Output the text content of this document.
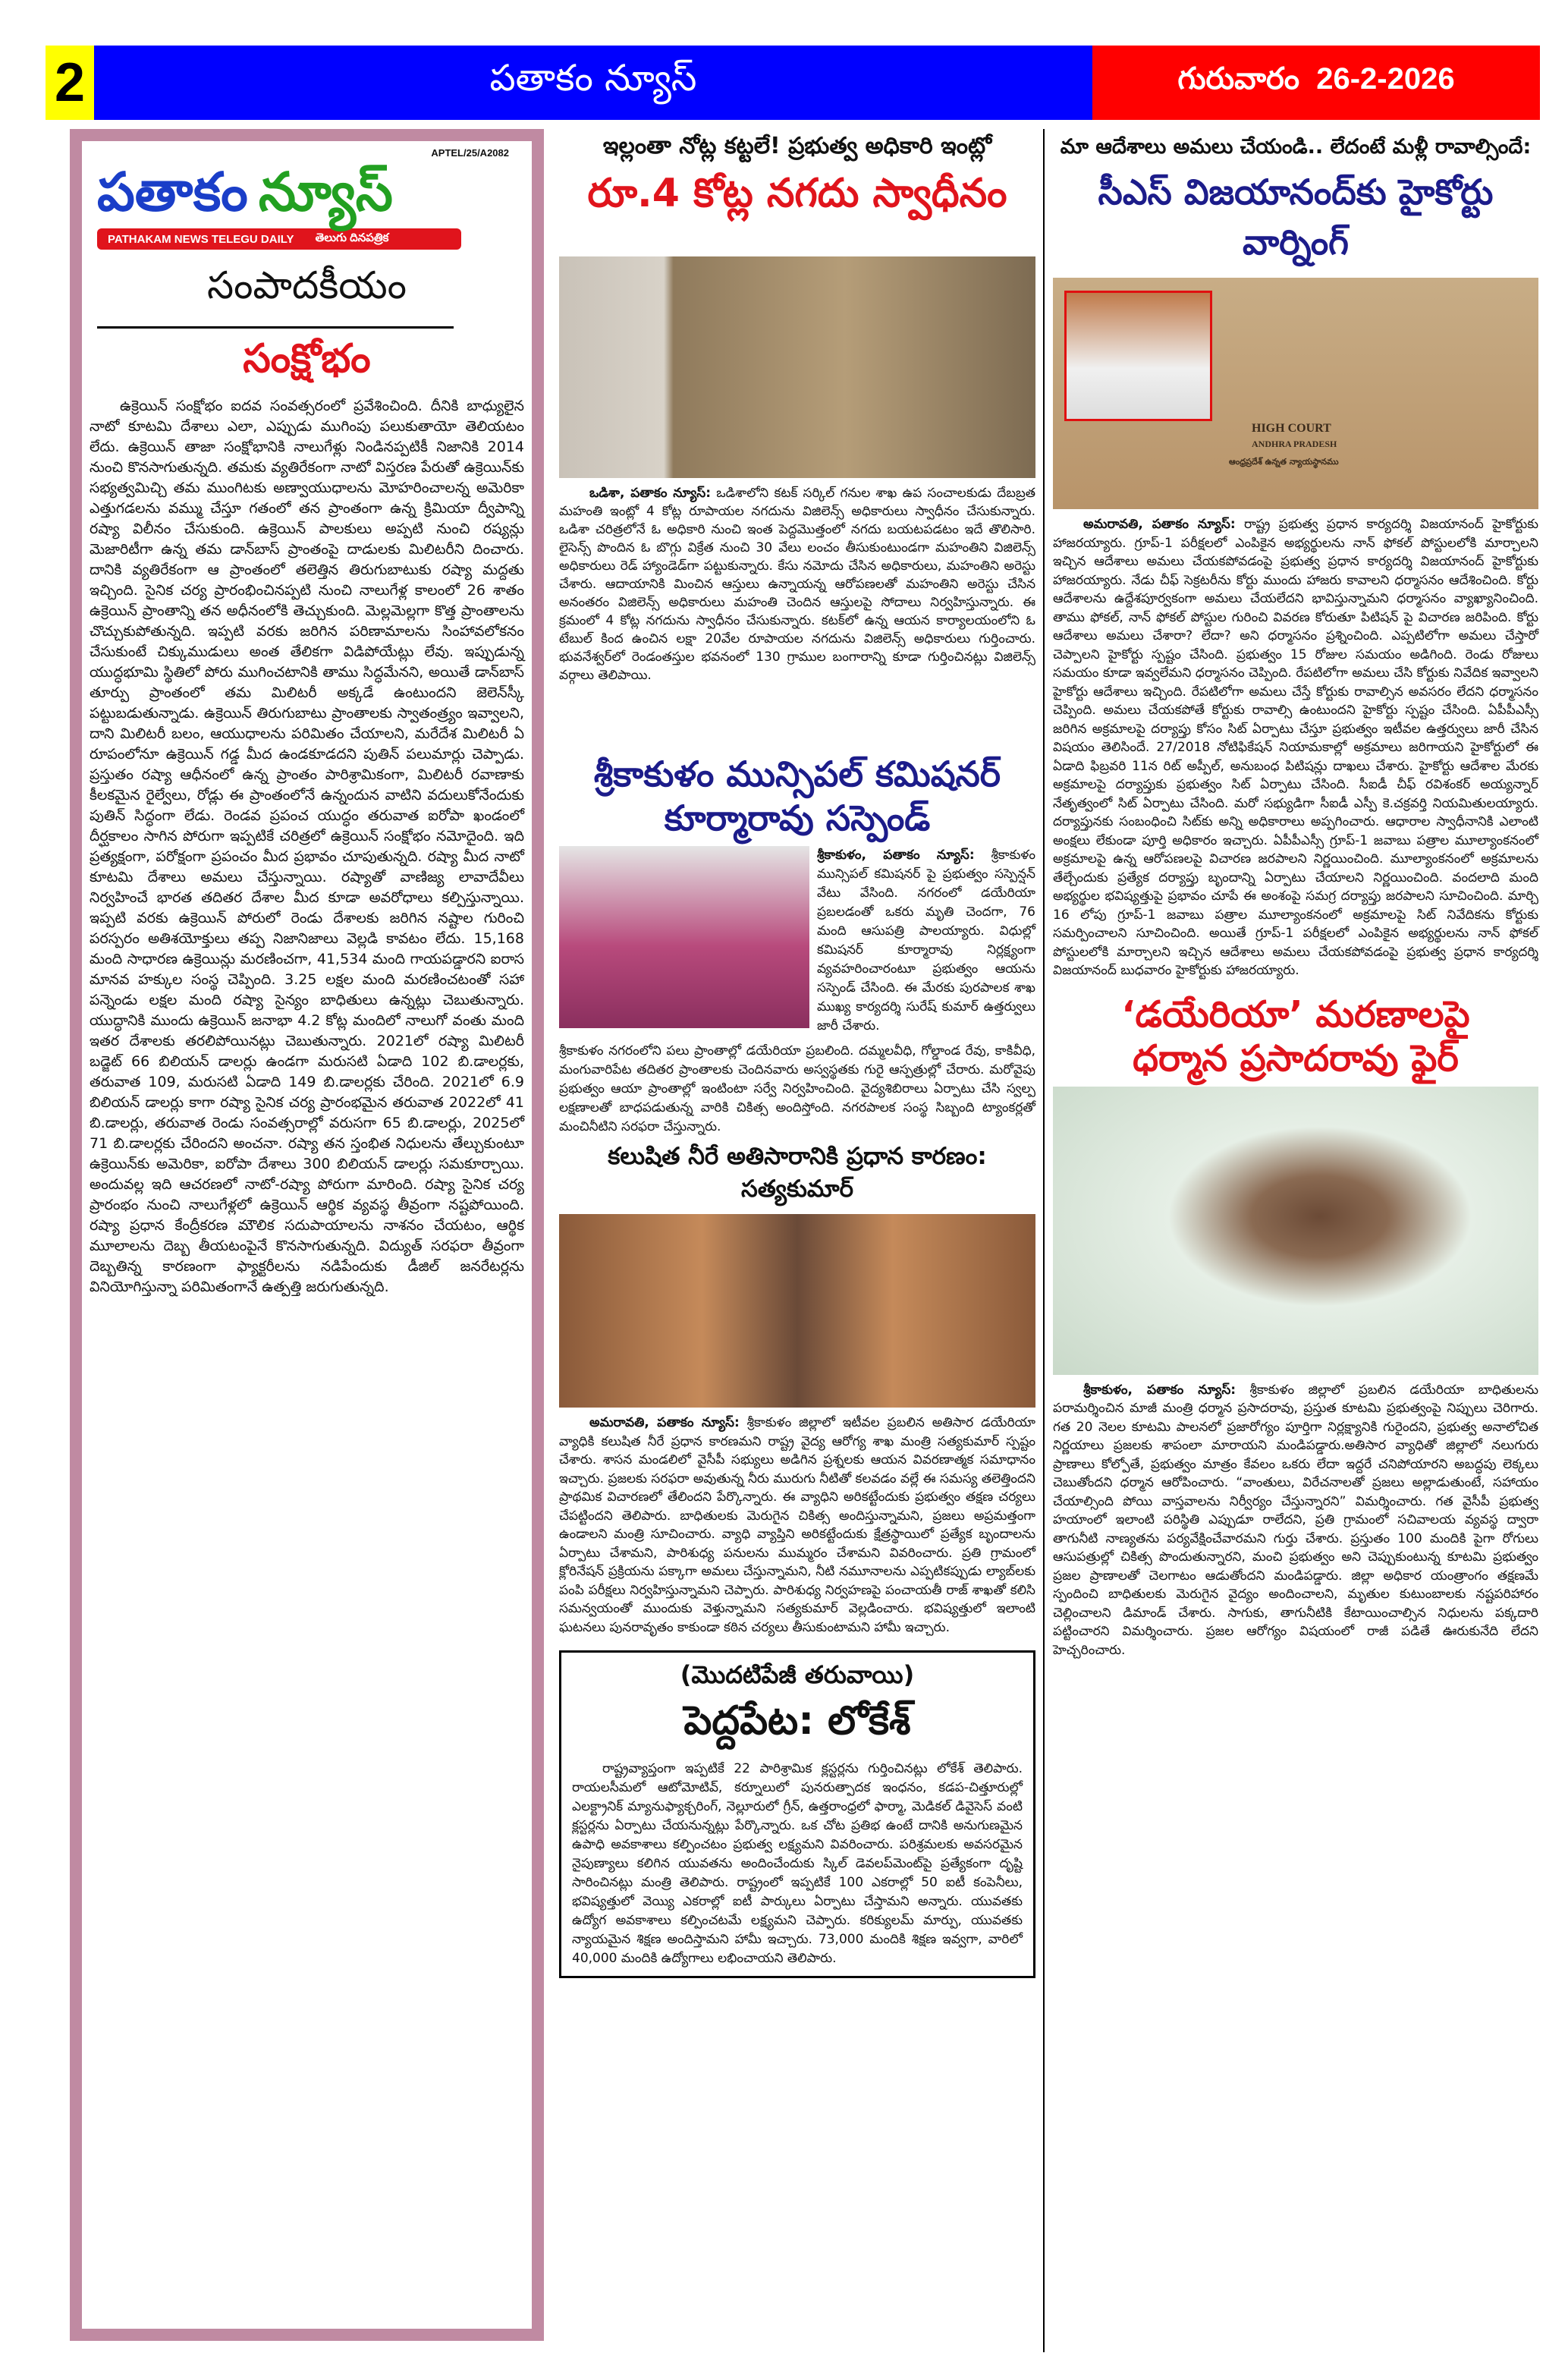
2	పతాకం న్యూస్	గురువారం  26-2-2026
APTEL/25/A2082
పతాకం న్యూస్
PATHAKAM NEWS TELEGU DAILY	తెలుగు దినపత్రిక
సంపాదకీయం
సంక్షోభం

ఉక్రెయిన్ సంక్షోభం ఐదవ సంవత్సరంలో ప్రవేశించింది. దీనికి బాధ్యులైన నాటో కూటమి దేశాలు ఎలా, ఎప్పుడు ముగింపు పలుకుతాయో తెలియటం లేదు. ఉక్రెయిన్ తాజా సంక్షోభానికి నాలుగేళ్లు నిండినప్పటికీ నిజానికి 2014 నుంచి కొనసాగుతున్నది. తమకు వ్యతిరేకంగా నాటో విస్తరణ పేరుతో ఉక్రెయిన్‌కు సభ్యత్వమిచ్చి తమ ముంగిటకు అణ్వాయుధాలను మోహరించాలన్న అమెరికా ఎత్తుగడలను వమ్ము చేస్తూ గతంలో తన ప్రాంతంగా ఉన్న క్రిమియా ద్వీపాన్ని రష్యా విలీనం చేసుకుంది. ఉక్రెయిన్ పాలకులు అప్పటి నుంచి రష్యన్లు మెజారిటీగా ఉన్న తమ డాన్‌బాస్ ప్రాంతంపై దాడులకు మిలిటరీని దించారు. దానికి వ్యతిరేకంగా ఆ ప్రాంతంలో తలెత్తిన తిరుగుబాటుకు రష్యా మద్దతు ఇచ్చింది. సైనిక చర్య ప్రారంభించినప్పటి నుంచి నాలుగేళ్ల కాలంలో 26 శాతం ఉక్రెయిన్ ప్రాంతాన్ని తన అధీనంలోకి తెచ్చుకుంది. మెల్లమెల్లగా కొత్త ప్రాంతాలను చొచ్చుకుపోతున్నది. ఇప్పటి వరకు జరిగిన పరిణామాలను సింహావలోకనం చేసుకుంటే చిక్కుముడులు అంత తేలికగా విడిపోయేట్లు లేవు. ఇప్పుడున్న యుద్ధభూమి స్థితిలో పోరు ముగించటానికి తాము సిద్ధమేనని, అయితే డాన్‌బాస్ తూర్పు ప్రాంతంలో తమ మిలిటరీ అక్కడే ఉంటుందని జెలెన్‌స్కీ పట్టుబడుతున్నాడు. ఉక్రెయిన్ తిరుగుబాటు ప్రాంతాలకు స్వాతంత్ర్యం ఇవ్వాలని, దాని మిలిటరీ బలం, ఆయుధాలను పరిమితం చేయాలని, మరేదేశ మిలిటరీ ఏ రూపంలోనూ ఉక్రెయిన్ గడ్డ మీద ఉండకూడదని పుతిన్ పలుమార్లు చెప్పాడు. ప్రస్తుతం రష్యా ఆధీనంలో ఉన్న ప్రాంతం పారిశ్రామికంగా, మిలిటరీ రవాణాకు కీలకమైన రైల్వేలు, రోడ్లు ఈ ప్రాంతంలోనే ఉన్నందున వాటిని వదులుకోనేందుకు పుతిన్ సిద్ధంగా లేడు. రెండవ ప్రపంచ యుద్ధం తరువాత ఐరోపా ఖండంలో దీర్ఘకాలం సాగిన పోరుగా ఇప్పటికే చరిత్రలో ఉక్రెయిన్ సంక్షోభం నమోదైంది. ఇది ప్రత్యక్షంగా, పరోక్షంగా ప్రపంచం మీద ప్రభావం చూపుతున్నది. రష్యా మీద నాటో కూటమి దేశాలు అమలు చేస్తున్నాయి. రష్యాతో వాణిజ్య లావాదేవీలు నిర్వహించే భారత తదితర దేశాల మీద కూడా అవరోధాలు కల్పిస్తున్నాయి. ఇప్పటి వరకు ఉక్రెయిన్ పోరులో రెండు దేశాలకు జరిగిన నష్టాల గురించి పరస్పరం అతిశయోక్తులు తప్ప నిజానిజాలు వెల్లడి కావటం లేదు. 15,168 మంది సాధారణ ఉక్రెయిన్లు మరణించగా, 41,534 మంది గాయపడ్డారని ఐరాస మానవ హక్కుల సంస్థ చెప్పింది. 3.25 లక్షల మంది మరణించటంతో సహా పన్నెండు లక్షల మంది రష్యా సైన్యం బాధితులు ఉన్నట్లు చెబుతున్నారు. యుద్ధానికి ముందు ఉక్రెయిన్ జనాభా 4.2 కోట్ల మందిలో నాలుగో వంతు మంది ఇతర దేశాలకు తరలిపోయినట్లు చెబుతున్నారు. 2021లో రష్యా మిలిటరీ బడ్జెట్ 66 బిలియన్ డాలర్లు ఉండగా మరుసటి ఏడాది 102 బి.డాలర్లకు, తరువాత 109, మరుసటి ఏడాది 149 బి.డాలర్లకు చేరింది. 2021లో 6.9 బిలియన్ డాలర్లు కాగా రష్యా సైనిక చర్య ప్రారంభమైన తరువాత 2022లో 41 బి.డాలర్లు, తరువాత రెండు సంవత్సరాల్లో వరుసగా 65 బి.డాలర్లు, 2025లో 71 బి.డాలర్లకు చేరిందని అంచనా. రష్యా తన స్తంభిత నిధులను తేల్చుకుంటూ ఉక్రెయిన్‌కు అమెరికా, ఐరోపా దేశాలు 300 బిలియన్ డాలర్లు సమకూర్చాయి. అందువల్ల ఇది ఆచరణలో నాటో-రష్యా పోరుగా మారింది. రష్యా సైనిక చర్య ప్రారంభం నుంచి నాలుగేళ్లలో ఉక్రెయిన్ ఆర్థిక వ్యవస్థ తీవ్రంగా నష్టపోయింది. రష్యా ప్రధాన కేంద్రీకరణ మౌలిక సదుపాయాలను నాశనం చేయటం, ఆర్థిక మూలాలను దెబ్బ తీయటంపైనే కొనసాగుతున్నది. విద్యుత్ సరఫరా తీవ్రంగా దెబ్బతిన్న కారణంగా ఫ్యాక్టరీలను నడిపేందుకు డీజిల్ జనరేటర్లను వినియోగిస్తున్నా పరిమితంగానే ఉత్పత్తి జరుగుతున్నది.

ఇల్లంతా నోట్ల కట్టలే! ప్రభుత్వ అధికారి ఇంట్లో
రూ.4 కోట్ల నగదు స్వాధీనం

ఒడిశా, పతాకం న్యూస్: ఒడిశాలోని కటక్ సర్కిల్ గనుల శాఖ ఉప సంచాలకుడు దేబబ్రత మహంతి ఇంట్లో 4 కోట్ల రూపాయల నగదును విజిలెన్స్ అధికారులు స్వాధీనం చేసుకున్నారు. ఒడిశా చరిత్రలోనే ఓ అధికారి నుంచి ఇంత పెద్దమొత్తంలో నగదు బయటపడటం ఇదే తొలిసారి. లైసెన్స్ పొందిన ఓ బొగ్గు విక్రేత నుంచి 30 వేలు లంచం తీసుకుంటుండగా మహంతిని విజిలెన్స్ అధికారులు రెడ్ హ్యాండెడ్‌గా పట్టుకున్నారు. కేసు నమోదు చేసిన అధికారులు, మహంతిని అరెస్టు చేశారు. ఆదాయానికి మించిన ఆస్తులు ఉన్నాయన్న ఆరోపణలతో మహంతిని అరెస్టు చేసిన అనంతరం విజిలెన్స్ అధికారులు మహంతి చెందిన ఆస్తులపై సోదాలు నిర్వహిస్తున్నారు. ఈ క్రమంలో 4 కోట్ల నగదును స్వాధీనం చేసుకున్నారు. కటక్‌లో ఉన్న ఆయన కార్యాలయంలోని ఓ టేబుల్ కింద ఉంచిన లక్షా 20వేల రూపాయల నగదును విజిలెన్స్ అధికారులు గుర్తించారు. భువనేశ్వర్‌లో రెండంతస్తుల భవనంలో 130 గ్రాముల బంగారాన్ని కూడా గుర్తించినట్లు విజిలెన్స్ వర్గాలు తెలిపాయి.

శ్రీకాకుళం మున్సిపల్ కమిషనర్
కూర్మారావు సస్పెండ్

శ్రీకాకుళం, పతాకం న్యూస్: శ్రీకాకుళం మున్సిపల్ కమిషనర్ పై ప్రభుత్వం సస్పెన్షన్ వేటు వేసింది. నగరంలో డయేరియా ప్రబలడంతో ఒకరు మృతి చెందగా, 76 మంది ఆసుపత్రి పాలయ్యారు. విధుల్లో కమిషనర్ కూర్మారావు నిర్లక్ష్యంగా వ్యవహరించారంటూ ప్రభుత్వం ఆయను సస్పెండ్ చేసింది. ఈ మేరకు పురపాలక శాఖ ముఖ్య కార్యదర్శి సురేష్ కుమార్ ఉత్తర్వులు జారీ చేశారు.

శ్రీకాకుళం నగరంలోని పలు ప్రాంతాల్లో డయేరియా ప్రబలింది. దమ్మలవీధి, గోల్డాండ రేవు, కాకివీధి, మంగువారిపేట తదితర ప్రాంతాలకు చెందినవారు అస్వస్థతకు గురై ఆస్పత్రుల్లో చేరారు. మరోవైపు ప్రభుత్వం ఆయా ప్రాంతాల్లో ఇంటింటా సర్వే నిర్వహించింది. వైద్యశిబిరాలు ఏర్పాటు చేసి స్వల్ప లక్షణాలతో బాధపడుతున్న వారికి చికిత్స అందిస్తోంది. నగరపాలక సంస్థ సిబ్బంది ట్యాంకర్లతో మంచినీటిని సరఫరా చేస్తున్నారు.

కలుషిత నీరే అతిసారానికి ప్రధాన కారణం: సత్యకుమార్

అమరావతి, పతాకం న్యూస్: శ్రీకాకుళం జిల్లాలో ఇటీవల ప్రబలిన అతిసార డయేరియా వ్యాధికి కలుషిత నీరే ప్రధాన కారణమని రాష్ట్ర వైద్య ఆరోగ్య శాఖ మంత్రి సత్యకుమార్ స్పష్టం చేశారు. శాసన మండలిలో వైసీపీ సభ్యులు అడిగిన ప్రశ్నలకు ఆయన వివరణాత్మక సమాధానం ఇచ్చారు. ప్రజలకు సరఫరా అవుతున్న నీరు మురుగు నీటితో కలవడం వల్లే ఈ సమస్య తలెత్తిందని ప్రాథమిక విచారణలో తేలిందని పేర్కొన్నారు. ఈ వ్యాధిని అరికట్టేందుకు ప్రభుత్వం తక్షణ చర్యలు చేపట్టిందని తెలిపారు. బాధితులకు మెరుగైన చికిత్స అందిస్తున్నామని, ప్రజలు అప్రమత్తంగా ఉండాలని మంత్రి సూచించారు. వ్యాధి వ్యాప్తిని అరికట్టేందుకు క్షేత్రస్థాయిలో ప్రత్యేక బృందాలను ఏర్పాటు చేశామని, పారిశుధ్య పనులను ముమ్మరం చేశామని వివరించారు. ప్రతి గ్రామంలో క్లోరినేషన్ ప్రక్రియను పక్కాగా అమలు చేస్తున్నామని, నీటి నమూనాలను ఎప్పటికప్పుడు ల్యాబ్‌లకు పంపి పరీక్షలు నిర్వహిస్తున్నామని చెప్పారు. పారిశుధ్య నిర్వహణపై పంచాయతీ రాజ్ శాఖతో కలిసి సమన్వయంతో ముందుకు వెళ్తున్నామని సత్యకుమార్ వెల్లడించారు. భవిష్యత్తులో ఇలాంటి ఘటనలు పునరావృతం కాకుండా కఠిన చర్యలు తీసుకుంటామని హామీ ఇచ్చారు.

(మొదటిపేజీ తరువాయి)
పెద్దపేట: లోకేశ్

రాష్ట్రవ్యాప్తంగా ఇప్పటికే 22 పారిశ్రామిక క్లస్టర్లను గుర్తించినట్లు లోకేశ్ తెలిపారు. రాయలసీమలో ఆటోమోటివ్, కర్నూలులో పునరుత్పాదక ఇంధనం, కడప-చిత్తూరుల్లో ఎలక్ట్రానిక్ మ్యానుఫ్యాక్చరింగ్, నెల్లూరులో గ్రీన్, ఉత్తరాంధ్రలో ఫార్మా, మెడికల్ డివైసెస్ వంటి క్లస్టర్లను ఏర్పాటు చేయనున్నట్లు పేర్కొన్నారు. ఒక చోట ప్రతిభ ఉంటే దానికి అనుగుణమైన ఉపాధి అవకాశాలు కల్పించటం ప్రభుత్వ లక్ష్యమని వివరించారు. పరిశ్రమలకు అవసరమైన నైపుణ్యాలు కలిగిన యువతను అందించేందుకు స్కిల్ డెవలప్‌మెంట్‌పై ప్రత్యేకంగా దృష్టి సారించినట్లు మంత్రి తెలిపారు. రాష్ట్రంలో ఇప్పటికే 100 ఎకరాల్లో 50 ఐటీ కంపెనీలు, భవిష్యత్తులో వెయ్యి ఎకరాల్లో ఐటీ పార్కులు ఏర్పాటు చేస్తామని అన్నారు. యువతకు ఉద్యోగ అవకాశాలు కల్పించటమే లక్ష్యమని చెప్పారు. కరిక్యులమ్ మార్పు, యువతకు న్యాయమైన శిక్షణ అందిస్తామని హామీ ఇచ్చారు. 73,000 మందికి శిక్షణ ఇవ్వగా, వారిలో 40,000 మందికి ఉద్యోగాలు లభించాయని తెలిపారు.

మా ఆదేశాలు అమలు చేయండి.. లేదంటే మళ్లీ రావాల్సిందే:
సీఎస్ విజయానంద్‌కు హైకోర్టు వార్నింగ్
HIGH COURT
ANDHRA PRADESH
ఆంధ్రప్రదేశ్ ఉన్నత న్యాయస్థానము

అమరావతి, పతాకం న్యూస్: రాష్ట్ర ప్రభుత్వ ప్రధాన కార్యదర్శి విజయానంద్ హైకోర్టుకు హాజరయ్యారు. గ్రూప్-1 పరీక్షలలో ఎంపికైన అభ్యర్థులను నాన్ ఫోకల్ పోస్టులలోకి మార్చాలని ఇచ్చిన ఆదేశాలు అమలు చేయకపోవడంపై ప్రభుత్వ ప్రధాన కార్యదర్శి విజయానంద్ హైకోర్టుకు హాజరయ్యారు. నేడు చీఫ్ సెక్రటరీను కోర్టు ముందు హాజరు కావాలని ధర్మాసనం ఆదేశించింది. కోర్టు ఆదేశాలను ఉద్దేశపూర్వకంగా అమలు చేయలేదని భావిస్తున్నామని ధర్మాసనం వ్యాఖ్యానించింది. తాము ఫోకల్, నాన్ ఫోకల్ పోస్టుల గురించి వివరణ కోరుతూ పిటిషన్ పై విచారణ జరిపింది. కోర్టు ఆదేశాలు అమలు చేశారా? లేదా? అని ధర్మాసనం ప్రశ్నించింది. ఎప్పటిలోగా అమలు చేస్తారో చెప్పాలని హైకోర్టు స్పష్టం చేసింది. ప్రభుత్వం 15 రోజుల సమయం అడిగింది. రెండు రోజులు సమయం కూడా ఇవ్వలేమని ధర్మాసనం చెప్పింది. రేపటిలోగా అమలు చేసి కోర్టుకు నివేదిక ఇవ్వాలని హైకోర్టు ఆదేశాలు ఇచ్చింది. రేపటిలోగా అమలు చేస్తే కోర్టుకు రావాల్సిన అవసరం లేదని ధర్మాసనం చెప్పింది. అమలు చేయకపోతే కోర్టుకు రావాల్సి ఉంటుందని హైకోర్టు స్పష్టం చేసింది. ఏపీపీఎస్సీ జరిగిన అక్రమాలపై దర్యాప్తు కోసం సిట్ ఏర్పాటు చేస్తూ ప్రభుత్వం ఇటీవల ఉత్తర్వులు జారీ చేసిన విషయం తెలిసిందే. 27/2018 నోటిఫికేషన్ నియామకాల్లో అక్రమాలు జరిగాయని హైకోర్టులో ఈ ఏడాది ఫిబ్రవరి 11న రిట్ అప్పీల్, అనుబంధ పిటిషన్లు దాఖలు చేశారు. హైకోర్టు ఆదేశాల మేరకు అక్రమాలపై దర్యాప్తుకు ప్రభుత్వం సిట్ ఏర్పాటు చేసింది. సీఐడీ చీఫ్ రవిశంకర్ అయ్యన్నార్ నేతృత్వంలో సిట్ ఏర్పాటు చేసింది. మరో సభ్యుడిగా సీఐడీ ఎస్పీ కె.చక్రవర్తి నియమితులయ్యారు. దర్యాప్తునకు సంబంధించి సిట్‌కు అన్ని అధికారాలు అప్పగించారు. ఆధారాల స్వాధీనానికి ఎలాంటి అంక్షలు లేకుండా పూర్తి అధికారం ఇచ్చారు. ఏపీపీఎస్సీ గ్రూప్-1 జవాబు పత్రాల మూల్యాంకనంలో అక్రమాలపై ఉన్న ఆరోపణలపై విచారణ జరపాలని నిర్ణయించింది. మూల్యాంకనంలో అక్రమాలను తేల్చేందుకు ప్రత్యేక దర్యాప్తు బృందాన్ని ఏర్పాటు చేయాలని నిర్ణయించింది. వందలాది మంది అభ్యర్థుల భవిష్యత్తుపై ప్రభావం చూపే ఈ అంశంపై సమగ్ర దర్యాప్తు జరపాలని సూచించింది. మార్చి 16 లోపు గ్రూప్-1 జవాబు పత్రాల మూల్యాంకనంలో అక్రమాలపై సిట్ నివేదికను కోర్టుకు సమర్పించాలని సూచించింది. అయితే గ్రూప్-1 పరీక్షలలో ఎంపికైన అభ్యర్థులను నాన్ ఫోకల్ పోస్టులలోకి మార్చాలని ఇచ్చిన ఆదేశాలు అమలు చేయకపోవడంపై ప్రభుత్వ ప్రధాన కార్యదర్శి విజయానంద్ బుధవారం హైకోర్టుకు హాజరయ్యారు.

‘డయేరియా’ మరణాలపై
ధర్మాన ప్రసాదరావు ఫైర్

శ్రీకాకుళం, పతాకం న్యూస్: శ్రీకాకుళం జిల్లాలో ప్రబలిన డయేరియా బాధితులను పరామర్శించిన మాజీ మంత్రి ధర్మాన ప్రసాదరావు, ప్రస్తుత కూటమి ప్రభుత్వంపై నిప్పులు చెరిగారు. గత 20 నెలల కూటమి పాలనలో ప్రజారోగ్యం పూర్తిగా నిర్లక్ష్యానికి గురైందని, ప్రభుత్వ అనాలోచిత నిర్ణయాలు ప్రజలకు శాపంలా మారాయని మండిపడ్డారు.అతిసార వ్యాధితో జిల్లాలో నలుగురు ప్రాణాలు కోల్పోతే, ప్రభుత్వం మాత్రం కేవలం ఒకరు లేదా ఇద్దరే చనిపోయారని అబద్ధపు లెక్కలు చెబుతోందని ధర్మాన ఆరోపించారు. “వాంతులు, విరేచనాలతో ప్రజలు అల్లాడుతుంటే, సహాయం చేయాల్సింది పోయి వాస్తవాలను నిర్వీర్యం చేస్తున్నారని” విమర్శించారు. గత వైసీపీ ప్రభుత్వ హయాంలో ఇలాంటి పరిస్థితి ఎప్పుడూ రాలేదని, ప్రతి గ్రామంలో సచివాలయ వ్యవస్థ ద్వారా తాగునీటి నాణ్యతను పర్యవేక్షించేవారమని గుర్తు చేశారు. ప్రస్తుతం 100 మందికి పైగా రోగులు ఆసుపత్రుల్లో చికిత్స పొందుతున్నారని, మంచి ప్రభుత్వం అని చెప్పుకుంటున్న కూటమి ప్రభుత్వం ప్రజల ప్రాణాలతో చెలగాటం ఆడుతోందని మండిపడ్డారు. జిల్లా అధికార యంత్రాంగం తక్షణమే స్పందించి బాధితులకు మెరుగైన వైద్యం అందించాలని, మృతుల కుటుంబాలకు నష్టపరిహారం చెల్లించాలని డిమాండ్ చేశారు. సాగుకు, తాగునీటికి కేటాయించాల్సిన నిధులను పక్కదారి పట్టించారని విమర్శించారు. ప్రజల ఆరోగ్యం విషయంలో రాజీ పడితే ఊరుకునేది లేదని హెచ్చరించారు.
